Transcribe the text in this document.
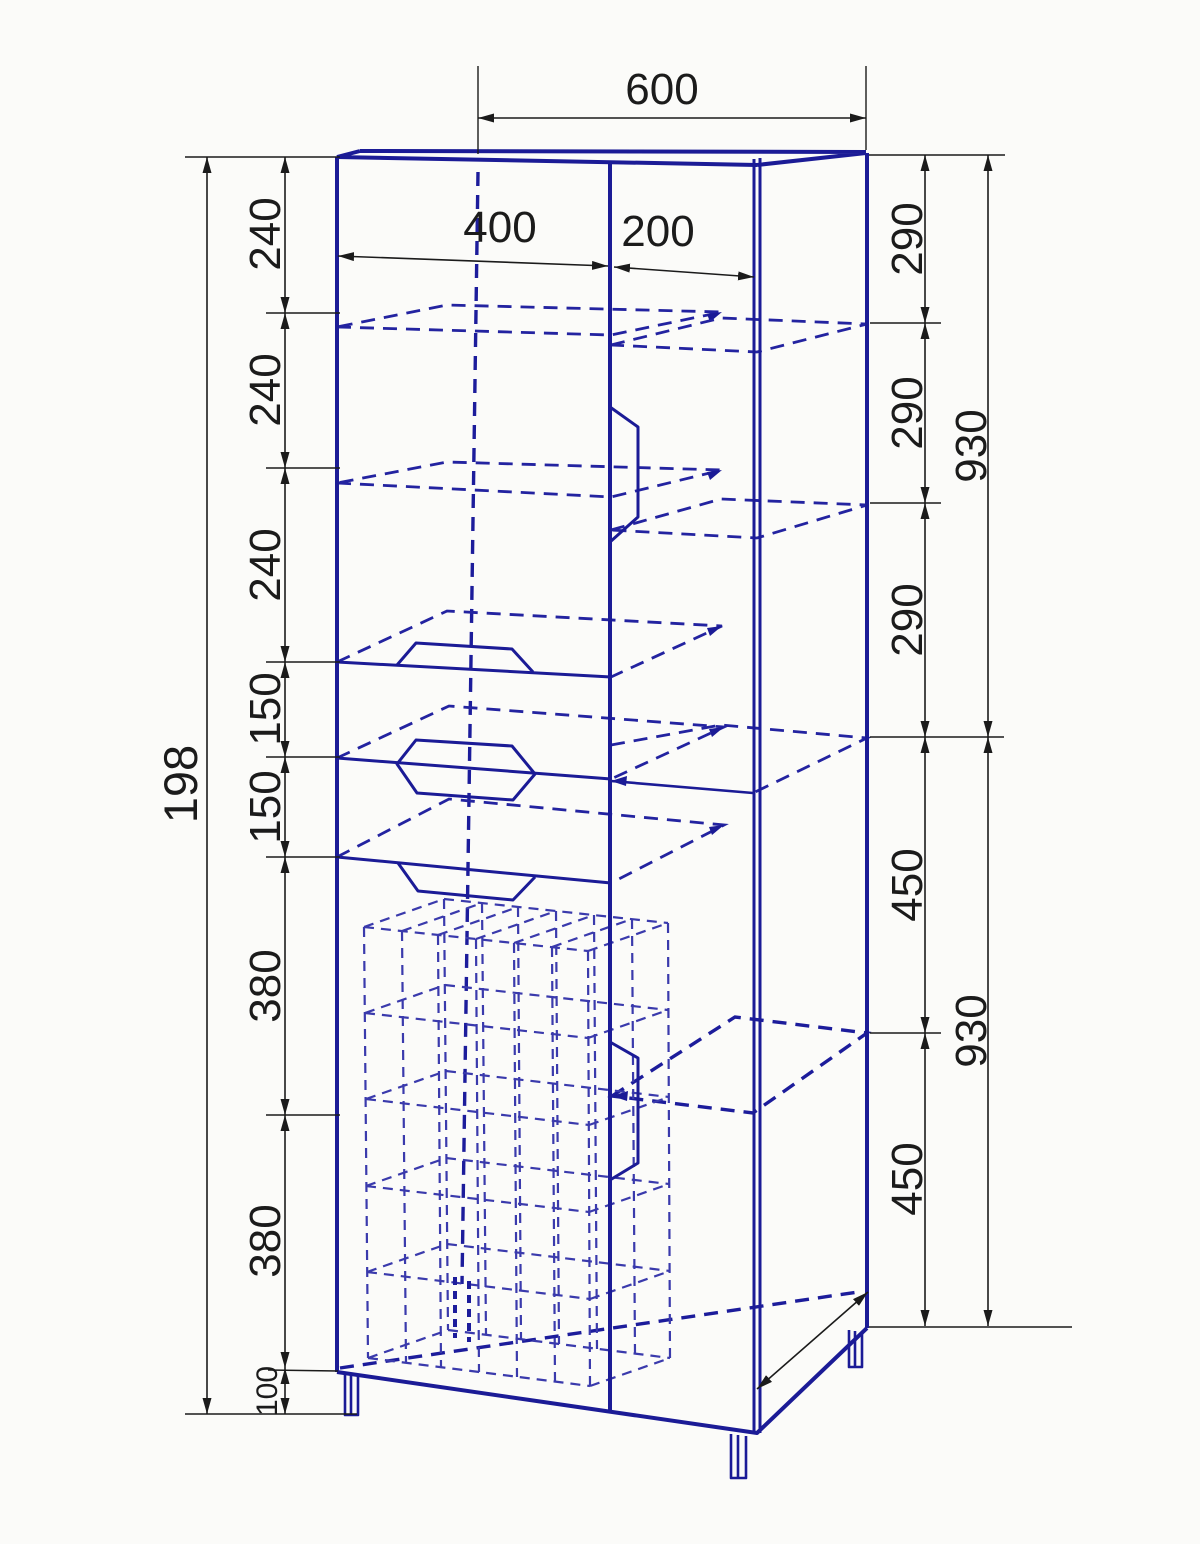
600
400 200
198
240
240
240
150
150
380
380
100
290
290
290
450
450
930
930
